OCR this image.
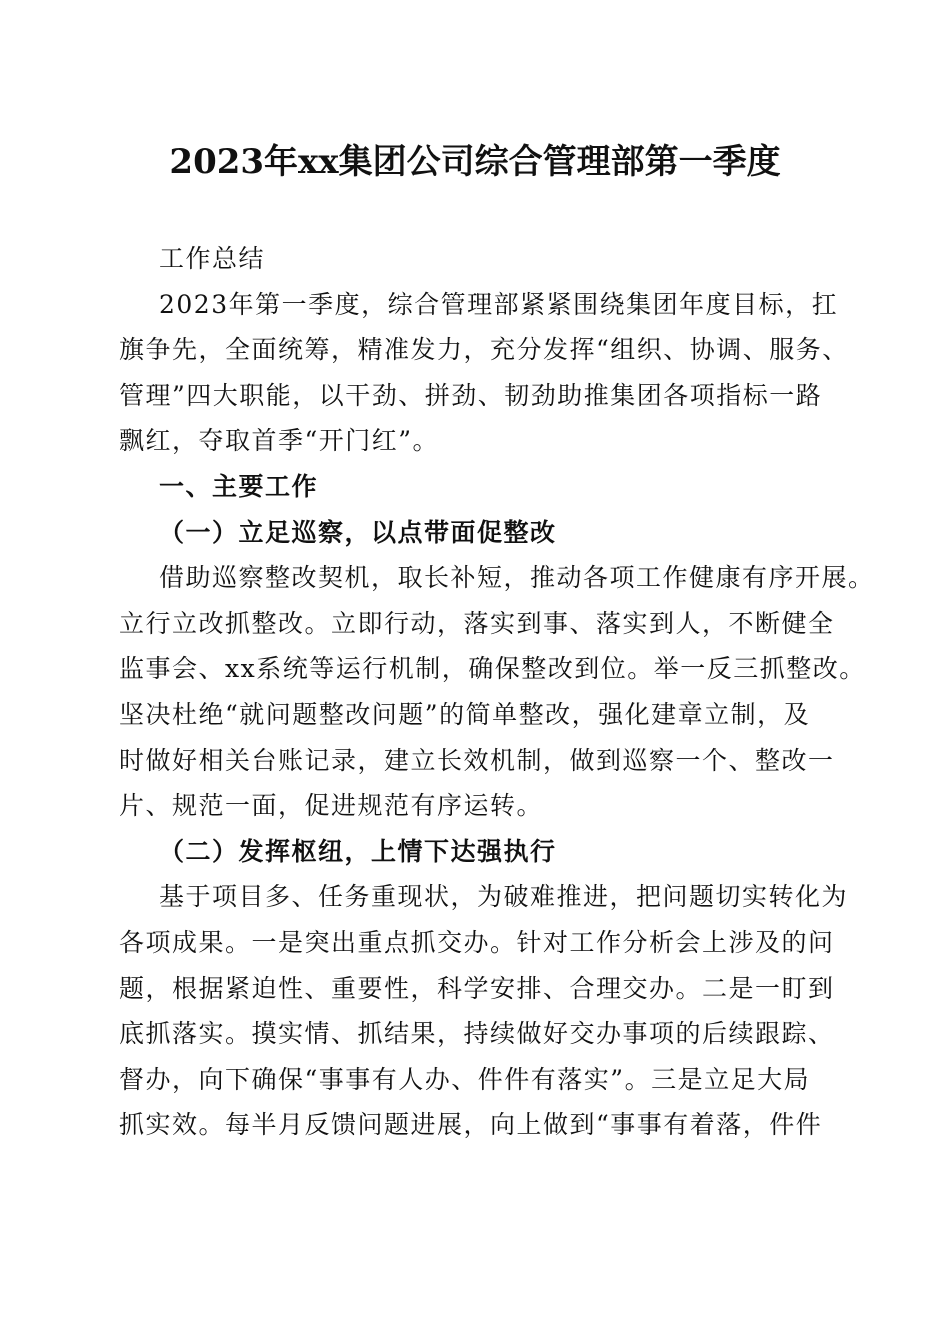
2023年xx集团公司综合管理部第一季度
工作总结
2023年第一季度，综合管理部紧紧围绕集团年度目标，扛
旗争先，全面统筹，精准发力，充分发挥“组织、协调、服务、
管理”四大职能，以干劲、拼劲、韧劲助推集团各项指标一路
飘红，夺取首季“开门红”。
一、主要工作
（一）立足巡察，以点带面促整改
借助巡察整改契机，取长补短，推动各项工作健康有序开展。
立行立改抓整改。立即行动，落实到事、落实到人，不断健全
监事会、xx系统等运行机制，确保整改到位。举一反三抓整改。
坚决杜绝“就问题整改问题”的简单整改，强化建章立制，及
时做好相关台账记录，建立长效机制，做到巡察一个、整改一
片、规范一面，促进规范有序运转。
（二）发挥枢纽，上情下达强执行
基于项目多、任务重现状，为破难推进，把问题切实转化为
各项成果。一是突出重点抓交办。针对工作分析会上涉及的问
题，根据紧迫性、重要性，科学安排、合理交办。二是一盯到
底抓落实。摸实情、抓结果，持续做好交办事项的后续跟踪、
督办，向下确保“事事有人办、件件有落实”。三是立足大局
抓实效。每半月反馈问题进展，向上做到“事事有着落，件件
